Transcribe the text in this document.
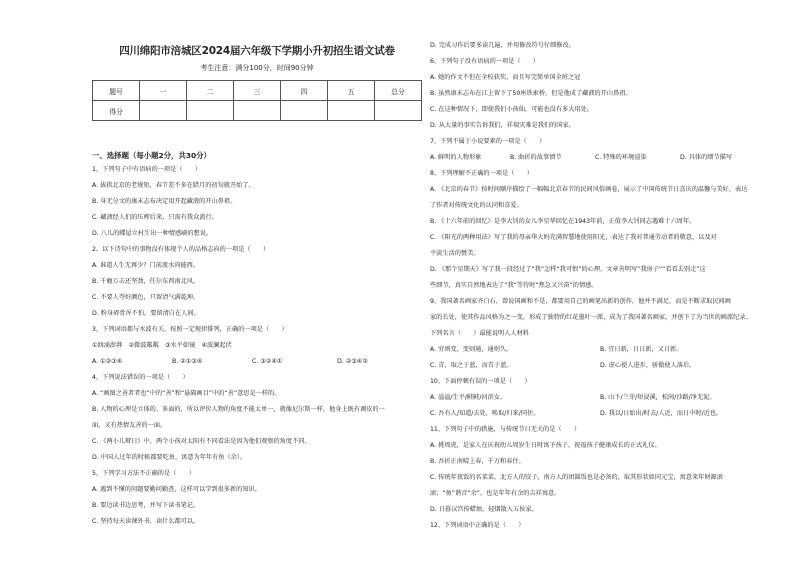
四川绵阳市涪城区2024届六年级下学期小升初招生语文试卷
考生注意：满分100分，时间90分钟
题号	一	二	三	四	五	总分
得分						
一、选择题（每小题2分，共30分）
1、下列句子中有语病的一项是（　　）
A. 拔拱北京的老规矩，春节差不多在腊月的初旬就开始了。
B. 身无分文的康未志布决定用开起藏液的开山鼻祖。
C. 藏液经人们的压榨后来，只需有我众流行。
D. 八儿的蝶屋立村生出一种情感刷的想说。
2、以下诗句中的事物没有体现个人的品格志向的一项是（　　）
A. 谁道人生无再少？门前流水尚能西。
B. 千磨万击还坚劲，任尔东西南北风。
C. 不要人夸好颜色，只留清气满乾坤。
D. 粉身碎骨浑不怕，要留清白在人间。
3、下列词语都与水波有关，按照一定规律排列，正确的一项是（　　）
①汹涌澎湃　②微波粼粼　③水平如镜　④波澜起伏
A. ①②③④	B. ②①③④	C. ③②④①	D. ②③④①
4、下列说法错误的一项是（　　）
A. “画图之善者者也”中的“善”和“悬隔画目”中的“善”意思是一样的。
B. 人物的心理是立体的、多面的，所以评价人物的角度不能太单一，就像尼尔斯一样，他身上既有调皮的一
面，又有热情友善的一面。
C. 《两小儿辩日》中，两个小孩对太阳有不同看法是因为他们观察的角度不同。
D. 中国人过年的时候都要吃鱼，寓意为年年有鱼（余）。
5、下列学习方法不正确的是（　　）
A. 遇到不懂的问题要勤问勤查，这样可以学到很多新的知识。
B. 要边读书边思考，并写下读书笔记。
C. 坚持每天读课外书，读什么都可以。
D. 完成习作后要多读几遍，并用修改符号仔细修改。
6、下列句子没有语病的一项是（　　）
A. 她的作文不但在全校获奖，而且写完简单国全班之冠
B. 虽然康未志布在江上留下了50座铁索桥，但是他成了藏液的开山鼻祖。
C. 在这种情况下，即使我们小孩仙，可能也没有多大用处。
D. 从大量的事实告诉我们，祥瑞灾难是我们的国家。
7、下列不属于小说要素的一项是（　　）
A. 鲜明的人物形象	B. 曲折的故事情节	C. 特殊的环境渲染	D. 具体的细节描写
8、下列理解不正确的一项是（　　）
A. 《北京的春节》按时间顺序描绘了一幅幅北京春节的民间风俗画卷，展示了中国传统节日喜庆的温馨与美好，表达
了作者对传统文化的认同和喜爱。
B. 《十六年前的回忆》是李大钊的女儿李星华回忆在1943年前，正值李大钊同志遇难十六周年。
C. 《阳光的两种用法》写了我的母亲华大妈充满智慧地使用阳光，表达了我对普通劳动者的敬意，以及对
平淡生活的赞美。
D. 《那个星期天》写了我一段经过了“我”怎样“我可恨”的心理，文章善明写“我房子”“看看去别走”这
些细节，真实自然地表达了“我”等待时“焦急又兴奋”的情感。
9、我国著名画家齐白石，曾说国画和不是，都要用自己的画笔出新的创作，他并不满足，而是不断求取民间画
家的长处，使其作品风格为之一变，形成了独特的红花墨叶一派，成为了我国著名画家，并创下了为当世的画派纪录。
下列名言（　　）最能说明人人材料
A. 穷则变，变则通，通则久。	B. 宜日新，日日新，又日新。
C. 青，取之于蓝，而青于蓝。	D. 虚心使人进步，骄傲使人落后。
10、下面停顿有误的一项是（　　）
A. 溢溢/生平/鲑鲑/河滨女。	B. 山下/兰芽/短浸溪，松间/沙路/净无泥。
C. 吾有人/知道/去处，唤取/归来/同住。	D. 我以/日始出/时去/人近，而日中时/近也。
11、下列句子中的措施，与传统节日无关的是（　　）
A. 挑周虎，是家人在庆祝幼儿周岁生日时寓予孩子，祝福孩子健康成长的正式礼仪。
B. 吾折正南晴上春，千万和春住。
C. 传统年夜饭的名菜菜，北方人的饺子，南方人的团圆饭也是必备的，取其形状如同元宝，寓意来年财源滚
滚；“鱼”谐音“余”，也是年年有余的吉祥寓意。
D. 日暮汉宫传蜡烛，轻烟散入五侯家。
12、下列词语中正确的是（　　）
